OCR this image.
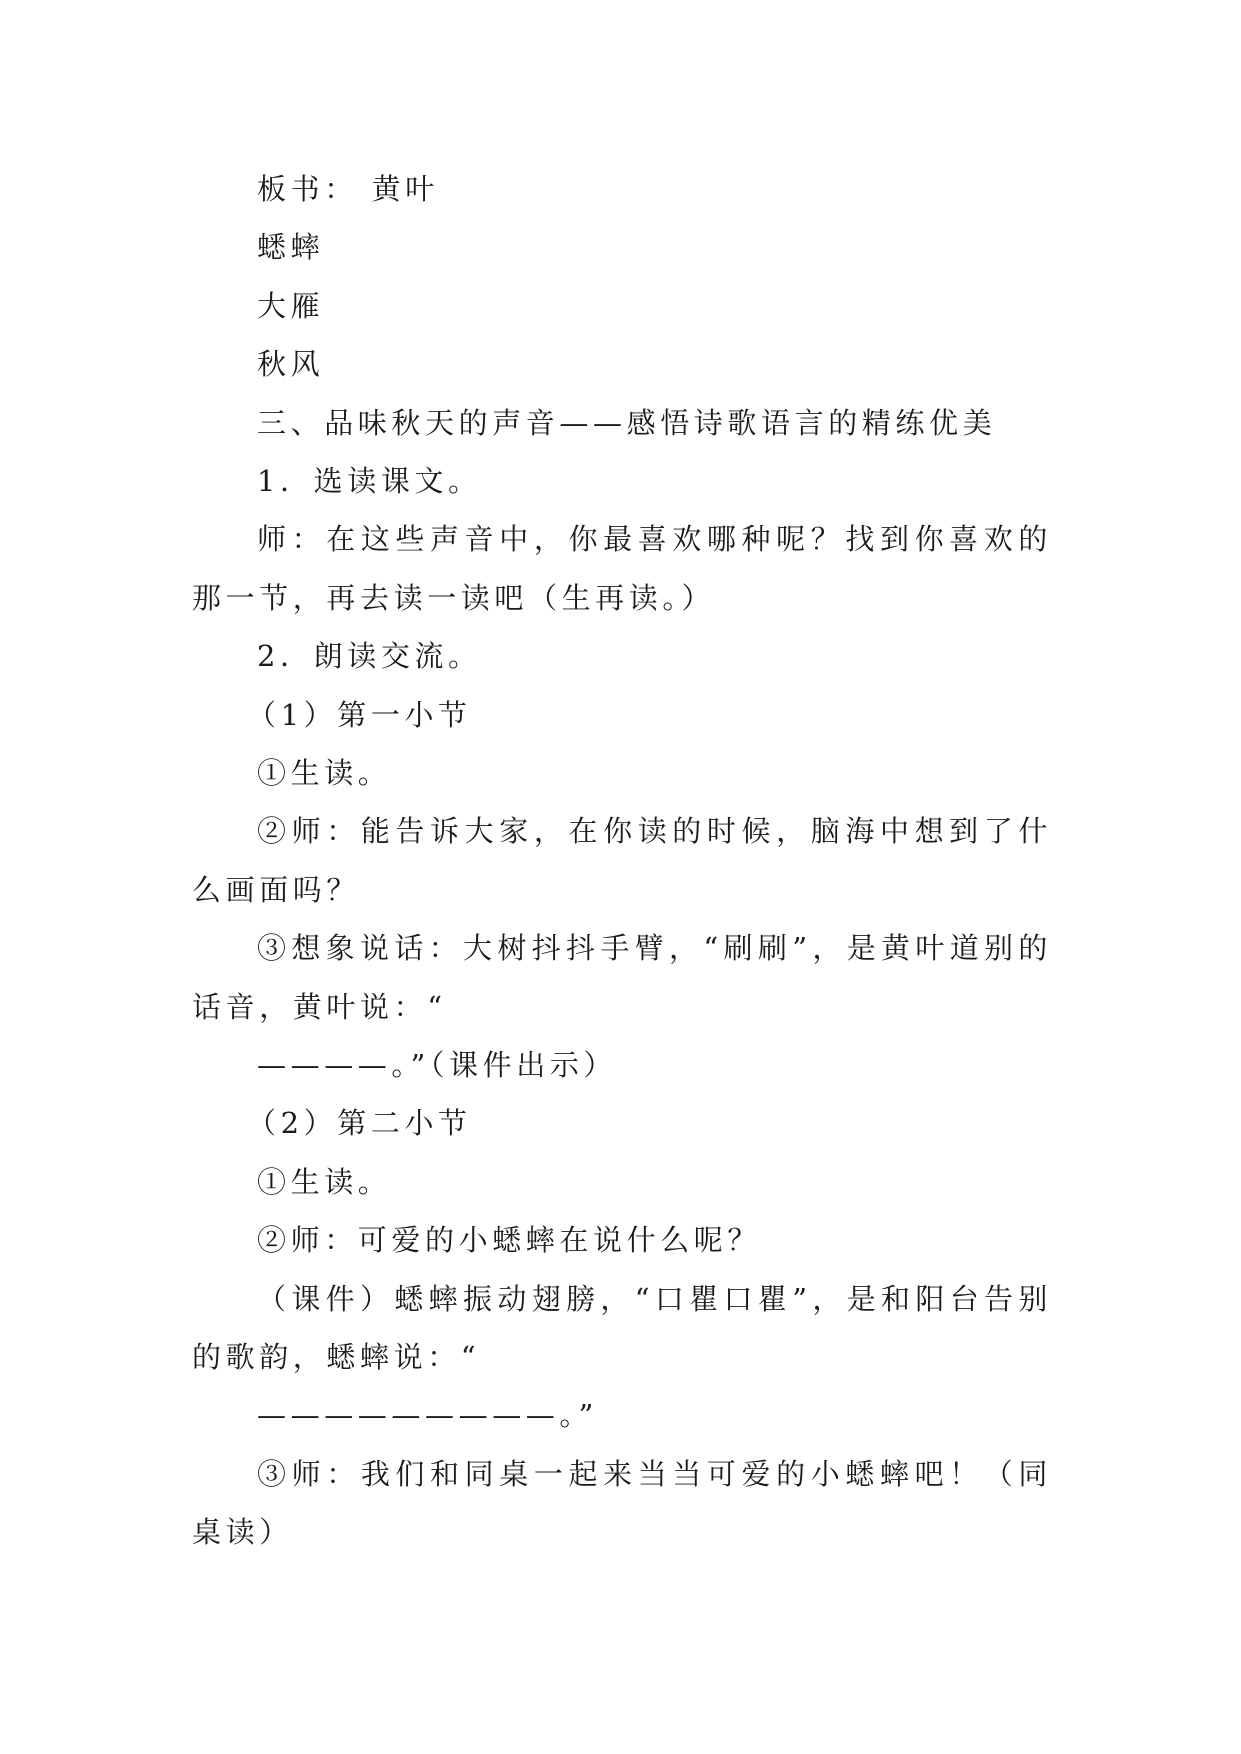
板书： 黄叶
蟋蟀
大雁
秋风
三、品味秋天的声音——感悟诗歌语言的精练优美
1．选读课文。
师：在这些声音中，你最喜欢哪种呢？找到你喜欢的那一节，再去读一读吧（生再读。）
2．朗读交流。
（1）第一小节
①生读。
②师：能告诉大家，在你读的时候，脑海中想到了什么画面吗？
③想象说话：大树抖抖手臂，“刷刷”，是黄叶道别的话音，黄叶说：“
————。”（课件出示）
（2）第二小节
①生读。
②师：可爱的小蟋蟀在说什么呢？
（课件）蟋蟀振动翅膀，“口瞿口瞿”，是和阳台告别的歌韵，蟋蟀说：“
—————————。”
③师：我们和同桌一起来当当可爱的小蟋蟀吧！（同桌读）
